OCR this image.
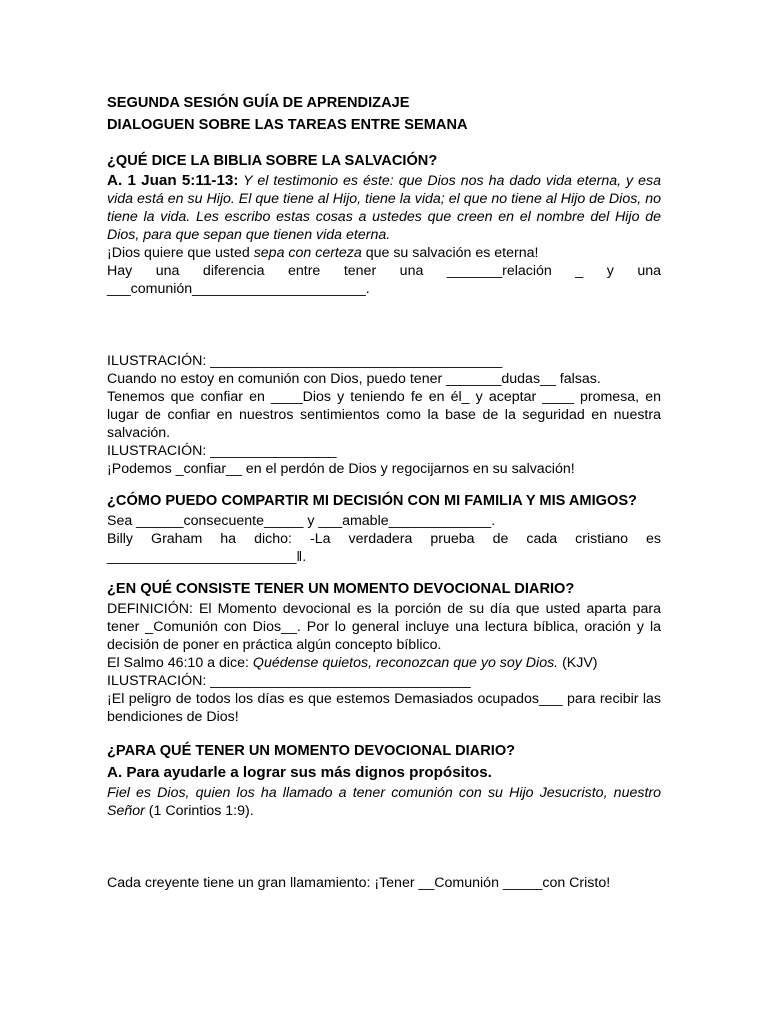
SEGUNDA SESIÓN GUÍA DE APRENDIZAJE

DIALOGUEN SOBRE LAS TAREAS ENTRE SEMANA

¿QUÉ DICE LA BIBLIA SOBRE LA SALVACIÓN?

A. 1 Juan 5:11-13: Y el testimonio es éste: que Dios nos ha dado vida eterna, y esa vida está en su Hijo. El que tiene al Hijo, tiene la vida; el que no tiene al Hijo de Dios, no tiene la vida. Les escribo estas cosas a ustedes que creen en el nombre del Hijo de Dios, para que sepan que tienen vida eterna.

¡Dios quiere que usted sepa con certeza que su salvación es eterna!

Hay una diferencia entre tener una _______relación _ y una

___comunión______________________.

ILUSTRACIÓN: _____________________________________

Cuando no estoy en comunión con Dios, puedo tener _______dudas__ falsas.

Tenemos que confiar en ____Dios y teniendo fe en él_ y aceptar ____ promesa, en lugar de confiar en nuestros sentimientos como la base de la seguridad en nuestra salvación.

ILUSTRACIÓN: ________________

¡Podemos _confiar__ en el perdón de Dios y regocijarnos en su salvación!

¿CÓMO PUEDO COMPARTIR MI DECISIÓN CON MI FAMILIA Y MIS AMIGOS?

Sea ______consecuente_____ y ___amable_____________.

Billy Graham ha dicho: -La verdadera prueba de cada cristiano es

________________________‖.

¿EN QUÉ CONSISTE TENER UN MOMENTO DEVOCIONAL DIARIO?

DEFINICIÓN: El Momento devocional es la porción de su día que usted aparta para tener _Comunión con Dios__. Por lo general incluye una lectura bíblica, oración y la decisión de poner en práctica algún concepto bíblico.

El Salmo 46:10 a dice: Quédense quietos, reconozcan que yo soy Dios. (KJV)

ILUSTRACIÓN: _________________________________

¡El peligro de todos los días es que estemos Demasiados ocupados___ para recibir las bendiciones de Dios!

¿PARA QUÉ TENER UN MOMENTO DEVOCIONAL DIARIO?

A. Para ayudarle a lograr sus más dignos propósitos.

Fiel es Dios, quien los ha llamado a tener comunión con su Hijo Jesucristo, nuestro Señor (1 Corintios 1:9).

Cada creyente tiene un gran llamamiento: ¡Tener __Comunión _____con Cristo!
